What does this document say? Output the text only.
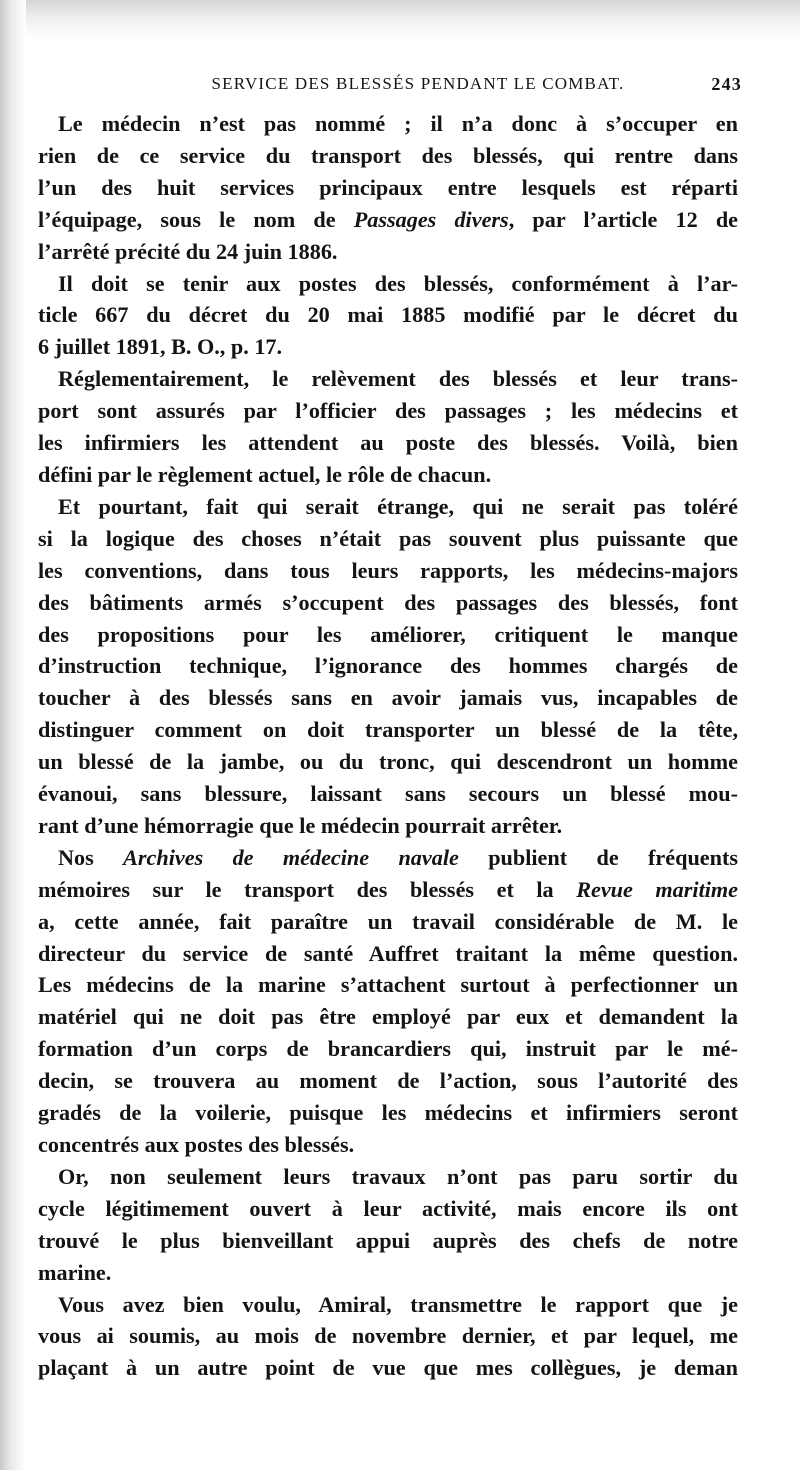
SERVICE DES BLESSÉS PENDANT LE COMBAT.	243

Le médecin n’est pas nommé ; il n’a donc à s’occuper en
rien de ce service du transport des blessés, qui rentre dans
l’un des huit services principaux entre lesquels est réparti
l’équipage, sous le nom de Passages divers, par l’article 12 de
l’arrêté précité du 24 juin 1886.

Il doit se tenir aux postes des blessés, conformément à l’ar-
ticle 667 du décret du 20 mai 1885 modifié par le décret du
6 juillet 1891, B. O., p. 17.

Réglementairement, le relèvement des blessés et leur trans-
port sont assurés par l’officier des passages ; les médecins et
les infirmiers les attendent au poste des blessés. Voilà, bien
défini par le règlement actuel, le rôle de chacun.

Et pourtant, fait qui serait étrange, qui ne serait pas toléré
si la logique des choses n’était pas souvent plus puissante que
les conventions, dans tous leurs rapports, les médecins-majors
des bâtiments armés s’occupent des passages des blessés, font
des propositions pour les améliorer, critiquent le manque
d’instruction technique, l’ignorance des hommes chargés de
toucher à des blessés sans en avoir jamais vus, incapables de
distinguer comment on doit transporter un blessé de la tête,
un blessé de la jambe, ou du tronc, qui descendront un homme
évanoui, sans blessure, laissant sans secours un blessé mou-
rant d’une hémorragie que le médecin pourrait arrêter.

Nos Archives de médecine navale publient de fréquents
mémoires sur le transport des blessés et la Revue maritime
a, cette année, fait paraître un travail considérable de M. le
directeur du service de santé Auffret traitant la même question.
Les médecins de la marine s’attachent surtout à perfectionner un
matériel qui ne doit pas être employé par eux et demandent la
formation d’un corps de brancardiers qui, instruit par le mé-
decin, se trouvera au moment de l’action, sous l’autorité des
gradés de la voilerie, puisque les médecins et infirmiers seront
concentrés aux postes des blessés.

Or, non seulement leurs travaux n’ont pas paru sortir du
cycle légitimement ouvert à leur activité, mais encore ils ont
trouvé le plus bienveillant appui auprès des chefs de notre
marine.

Vous avez bien voulu, Amiral, transmettre le rapport que je
vous ai soumis, au mois de novembre dernier, et par lequel, me
plaçant à un autre point de vue que mes collègues, je deman
